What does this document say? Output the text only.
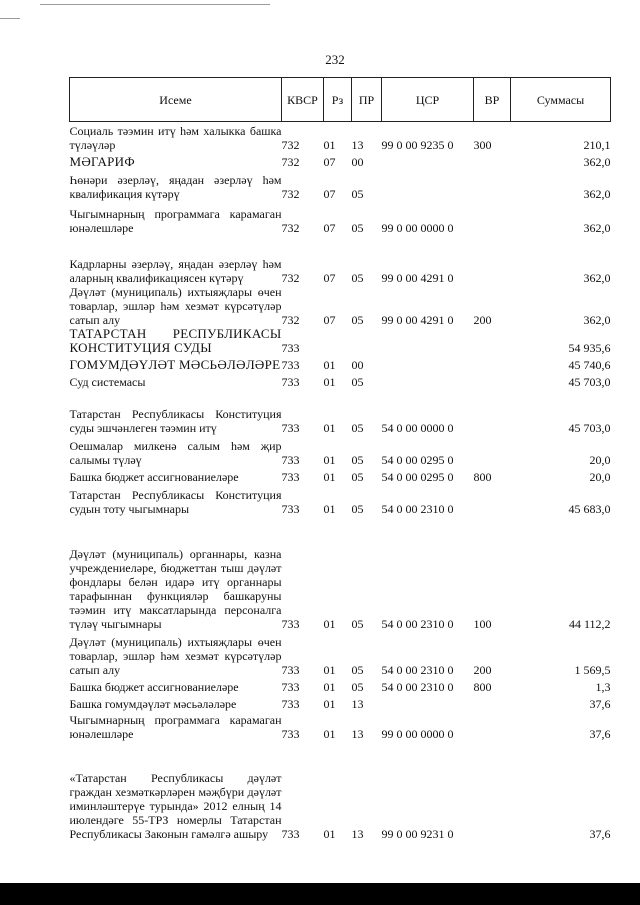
232
Исеме	КВСР	Рз	ПР	ЦСР	ВР	Суммасы
Социаль тәэмин итү һәм халыкка башка түләүләр	732	01	13	99 0 00 9235 0	300	210,1
МӘГАРИФ	732	07	00			362,0
Һөнәри әзерләү, яңадан әзерләү һәм квалификация күтәрү	732	07	05			362,0
Чыгымнарның программага карамаган юнәлешләре	732	07	05	99 0 00 0000 0		362,0
Кадрларны әзерләү, яңадан әзерләү һәм аларның квалификациясен күтәрү	732	07	05	99 0 00 4291 0		362,0
Дәүләт (муниципаль) ихтыяҗлары өчен товарлар, эшләр һәм хезмәт күрсәтүләр сатып алу	732	07	05	99 0 00 4291 0	200	362,0
ТАТАРСТАН РЕСПУБЛИКАСЫ КОНСТИТУЦИЯ СУДЫ	733					54 935,6
ГОМУМДӘҮЛӘТ МӘСЬӘЛӘЛӘРЕ	733	01	00			45 740,6
Суд системасы	733	01	05			45 703,0
Татарстан Республикасы Конституция суды эшчәнлеген тәэмин итү	733	01	05	54 0 00 0000 0		45 703,0
Оешмалар милкенә салым һәм җир салымы түләү	733	01	05	54 0 00 0295 0		20,0
Башка бюджет ассигнованиеләре	733	01	05	54 0 00 0295 0	800	20,0
Татарстан Республикасы Конституция судын тоту чыгымнары	733	01	05	54 0 00 2310 0		45 683,0
Дәүләт (муниципаль) органнары, казна учреждениеләре, бюджеттан тыш дәүләт фондлары белән идарә итү органнары тарафыннан функцияләр башкаруны тәэмин итү максатларында персоналга түләү чыгымнары	733	01	05	54 0 00 2310 0	100	44 112,2
Дәүләт (муниципаль) ихтыяҗлары өчен товарлар, эшләр һәм хезмәт күрсәтүләр сатып алу	733	01	05	54 0 00 2310 0	200	1 569,5
Башка бюджет ассигнованиеләре	733	01	05	54 0 00 2310 0	800	1,3
Башка гомумдәүләт мәсьәләләре	733	01	13			37,6
Чыгымнарның программага карамаган юнәлешләре	733	01	13	99 0 00 0000 0		37,6
«Татарстан Республикасы дәүләт граждан хезмәткәрләрен мәҗбүри дәүләт иминләштерүе турында» 2012 елның 14 июлендәге 55-ТРЗ номерлы Татарстан Республикасы Законын гамәлгә ашыру	733	01	13	99 0 00 9231 0		37,6
